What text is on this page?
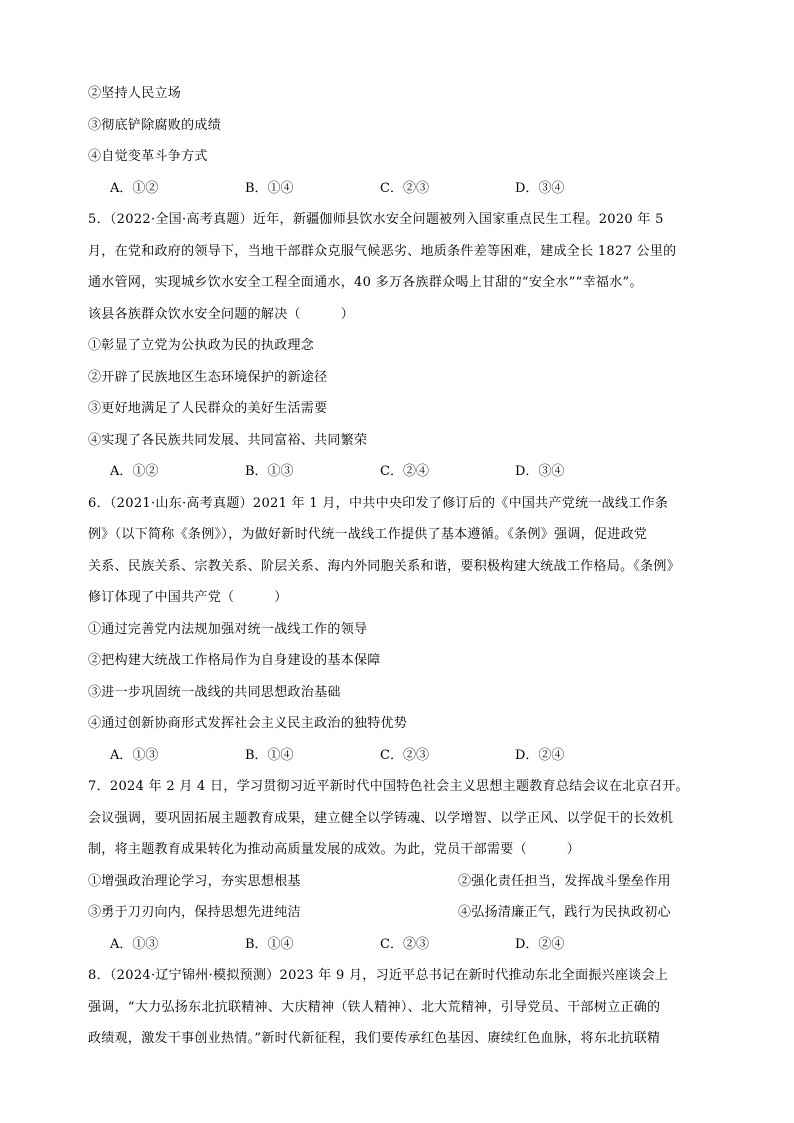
②坚持人民立场
③彻底铲除腐败的成绩
④自觉变革斗争方式
A．①②	B．①④	C．②③	D．③④
5．（2022·全国·高考真题）近年，新疆伽师县饮水安全问题被列入国家重点民生工程。2020 年 5
月，在党和政府的领导下，当地干部群众克服气候恶劣、地质条件差等困难，建成全长 1827 公里的
通水管网，实现城乡饮水安全工程全面通水，40 多万各族群众喝上甘甜的“安全水”“幸福水”。
该县各族群众饮水安全问题的解决（　　　）
①彰显了立党为公执政为民的执政理念
②开辟了民族地区生态环境保护的新途径
③更好地满足了人民群众的美好生活需要
④实现了各民族共同发展、共同富裕、共同繁荣
A．①②	B．①③	C．②④	D．③④
6．（2021·山东·高考真题）2021 年 1 月，中共中央印发了修订后的《中国共产党统一战线工作条
例》（以下简称《条例》），为做好新时代统一战线工作提供了基本遵循。《条例》强调，促进政党
关系、民族关系、宗教关系、阶层关系、海内外同胞关系和谐，要积极构建大统战工作格局。《条例》
修订体现了中国共产党（　　　）
①通过完善党内法规加强对统一战线工作的领导
②把构建大统战工作格局作为自身建设的基本保障
③进一步巩固统一战线的共同思想政治基础
④通过创新协商形式发挥社会主义民主政治的独特优势
A．①③	B．①④	C．②③	D．②④
7．2024 年 2 月 4 日，学习贯彻习近平新时代中国特色社会主义思想主题教育总结会议在北京召开。
会议强调，要巩固拓展主题教育成果，建立健全以学铸魂、以学增智、以学正风、以学促干的长效机
制，将主题教育成果转化为推动高质量发展的成效。为此，党员干部需要（　　　）
①增强政治理论学习，夯实思想根基	②强化责任担当，发挥战斗堡垒作用
③勇于刀刃向内，保持思想先进纯洁	④弘扬清廉正气，践行为民执政初心
A．①③	B．①④	C．②③	D．②④
8．（2024·辽宁锦州·模拟预测）2023 年 9 月，习近平总书记在新时代推动东北全面振兴座谈会上
强调，“大力弘扬东北抗联精神、大庆精神（铁人精神）、北大荒精神，引导党员、干部树立正确的
政绩观，激发干事创业热情。”新时代新征程，我们要传承红色基因、赓续红色血脉，将东北抗联精
